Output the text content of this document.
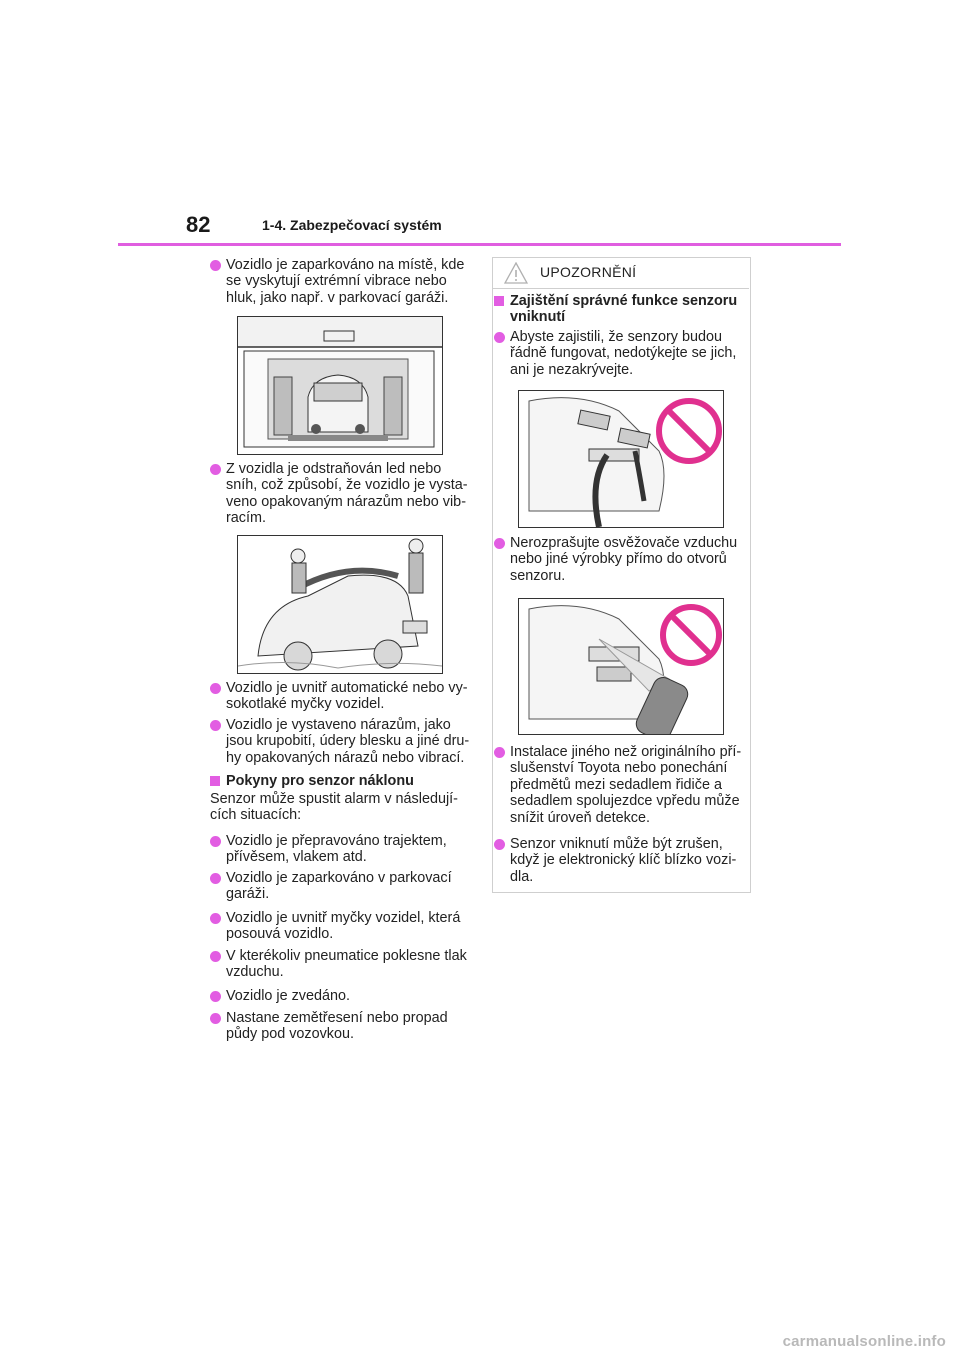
82	1-4. Zabezpečovací systém
Vozidlo je zaparkováno na místě, kde se vyskytují extrémní vibrace nebo hluk, jako např. v parkovací garáži.
Z vozidla je odstraňován led nebo sníh, což způsobí, že vozidlo je vysta-veno opakovaným nárazům nebo vib-racím.
Vozidlo je uvnitř automatické nebo vy-sokotlaké myčky vozidel.
Vozidlo je vystaveno nárazům, jako jsou krupobití, údery blesku a jiné dru-hy opakovaných nárazů nebo vibrací.
Pokyny pro senzor náklonu
Senzor může spustit alarm v následují-cích situacích:
Vozidlo je přepravováno trajektem, přívěsem, vlakem atd.
Vozidlo je zaparkováno v parkovací garáži.
Vozidlo je uvnitř myčky vozidel, která posouvá vozidlo.
V kterékoliv pneumatice poklesne tlak vzduchu.
Vozidlo je zvedáno.
Nastane zemětřesení nebo propad půdy pod vozovkou.
UPOZORNĚNÍ
Zajištění správné funkce senzoru vniknutí
Abyste zajistili, že senzory budou řádně fungovat, nedotýkejte se jich, ani je nezakrývejte.
Nerozprašujte osvěžovače vzduchu nebo jiné výrobky přímo do otvorů senzoru.
Instalace jiného než originálního pří-slušenství Toyota nebo ponechání předmětů mezi sedadlem řidiče a sedadlem spolujezdce vpředu může snížit úroveň detekce.
Senzor vniknutí může být zrušen, když je elektronický klíč blízko vozi-dla.
carmanualsonline.info
